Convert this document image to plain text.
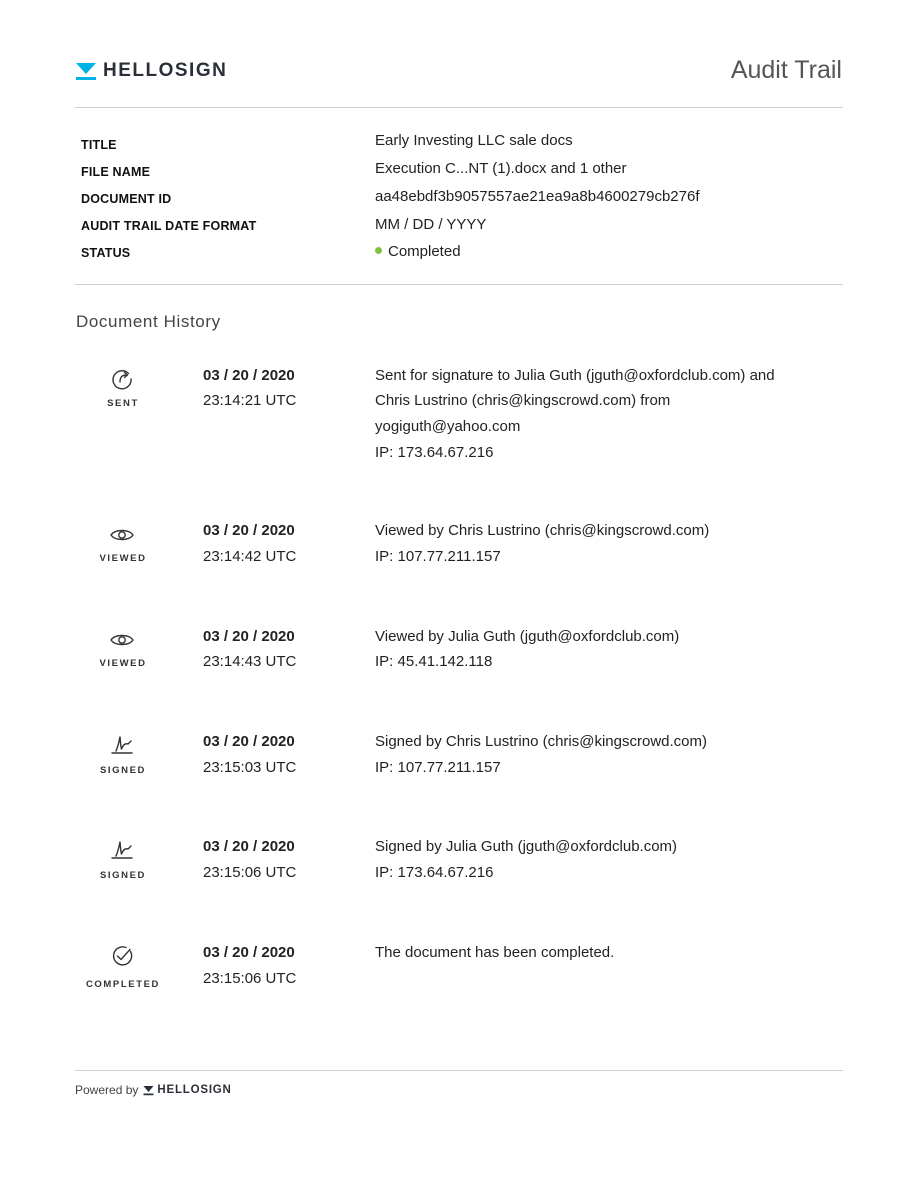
HELLOSIGN	Audit Trail
TITLE	Early Investing LLC sale docs
FILE NAME	Execution C...NT (1).docx and 1 other
DOCUMENT ID	aa48ebdf3b9057557ae21ea9a8b4600279cb276f
AUDIT TRAIL DATE FORMAT	MM / DD / YYYY
STATUS	Completed
Document History
SENT
03 / 20 / 2020
23:14:21 UTC
Sent for signature to Julia Guth (jguth@oxfordclub.com) and
Chris Lustrino (chris@kingscrowd.com) from
yogiguth@yahoo.com
IP: 173.64.67.216
VIEWED
03 / 20 / 2020
23:14:42 UTC
Viewed by Chris Lustrino (chris@kingscrowd.com)
IP: 107.77.211.157
VIEWED
03 / 20 / 2020
23:14:43 UTC
Viewed by Julia Guth (jguth@oxfordclub.com)
IP: 45.41.142.118
SIGNED
03 / 20 / 2020
23:15:03 UTC
Signed by Chris Lustrino (chris@kingscrowd.com)
IP: 107.77.211.157
SIGNED
03 / 20 / 2020
23:15:06 UTC
Signed by Julia Guth (jguth@oxfordclub.com)
IP: 173.64.67.216
COMPLETED
03 / 20 / 2020
23:15:06 UTC
The document has been completed.
Powered by HELLOSIGN
